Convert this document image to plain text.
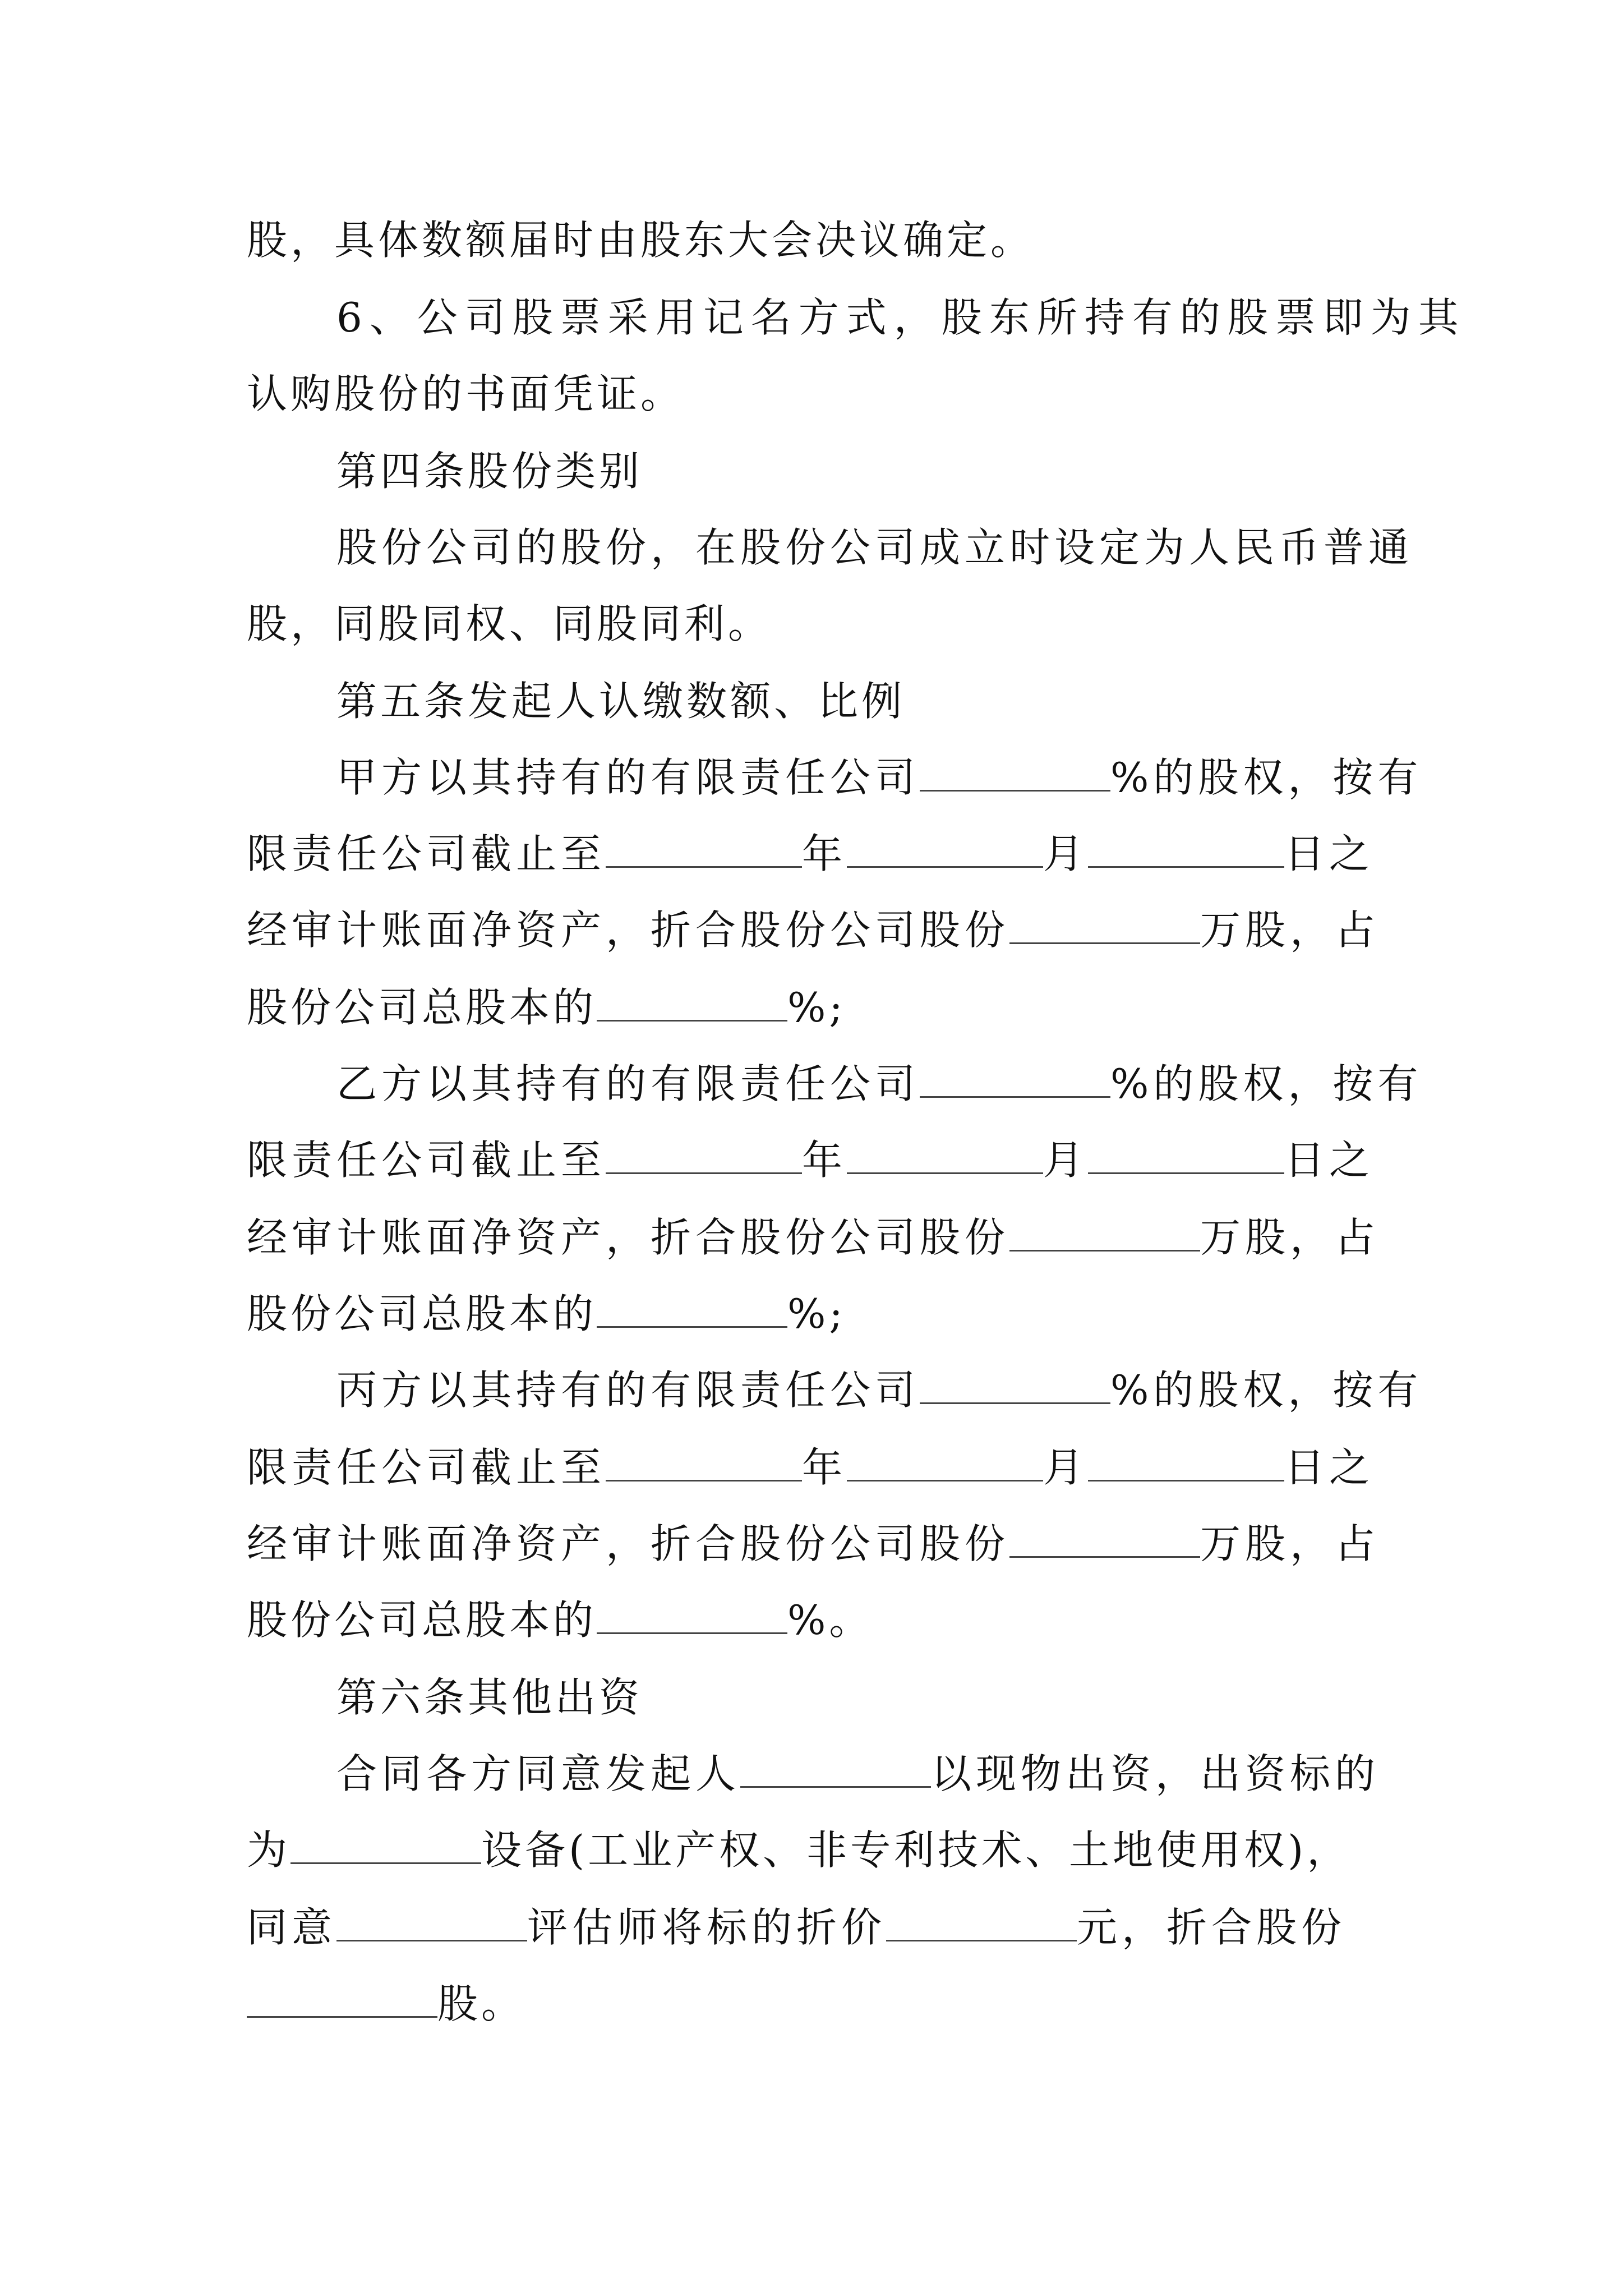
股，具体数额届时由股东大会决议确定。
6、公司股票采用记名方式，股东所持有的股票即为其
认购股份的书面凭证。
第四条股份类别
股份公司的股份，在股份公司成立时设定为人民币普通
股，同股同权、同股同利。
第五条发起人认缴数额、比例
甲方以其持有的有限责任公司	%的股权，按有
限责任公司截止至	年	月	日之
经审计账面净资产，折合股份公司股份	万股，占
股份公司总股本的	%;
乙方以其持有的有限责任公司	%的股权，按有
限责任公司截止至	年	月	日之
经审计账面净资产，折合股份公司股份	万股，占
股份公司总股本的	%;
丙方以其持有的有限责任公司	%的股权，按有
限责任公司截止至	年	月	日之
经审计账面净资产，折合股份公司股份	万股，占
股份公司总股本的	%。
第六条其他出资
合同各方同意发起人	以现物出资，出资标的
为	设备(工业产权、非专利技术、土地使用权)，
同意	评估师将标的折价	元，折合股份
股。
